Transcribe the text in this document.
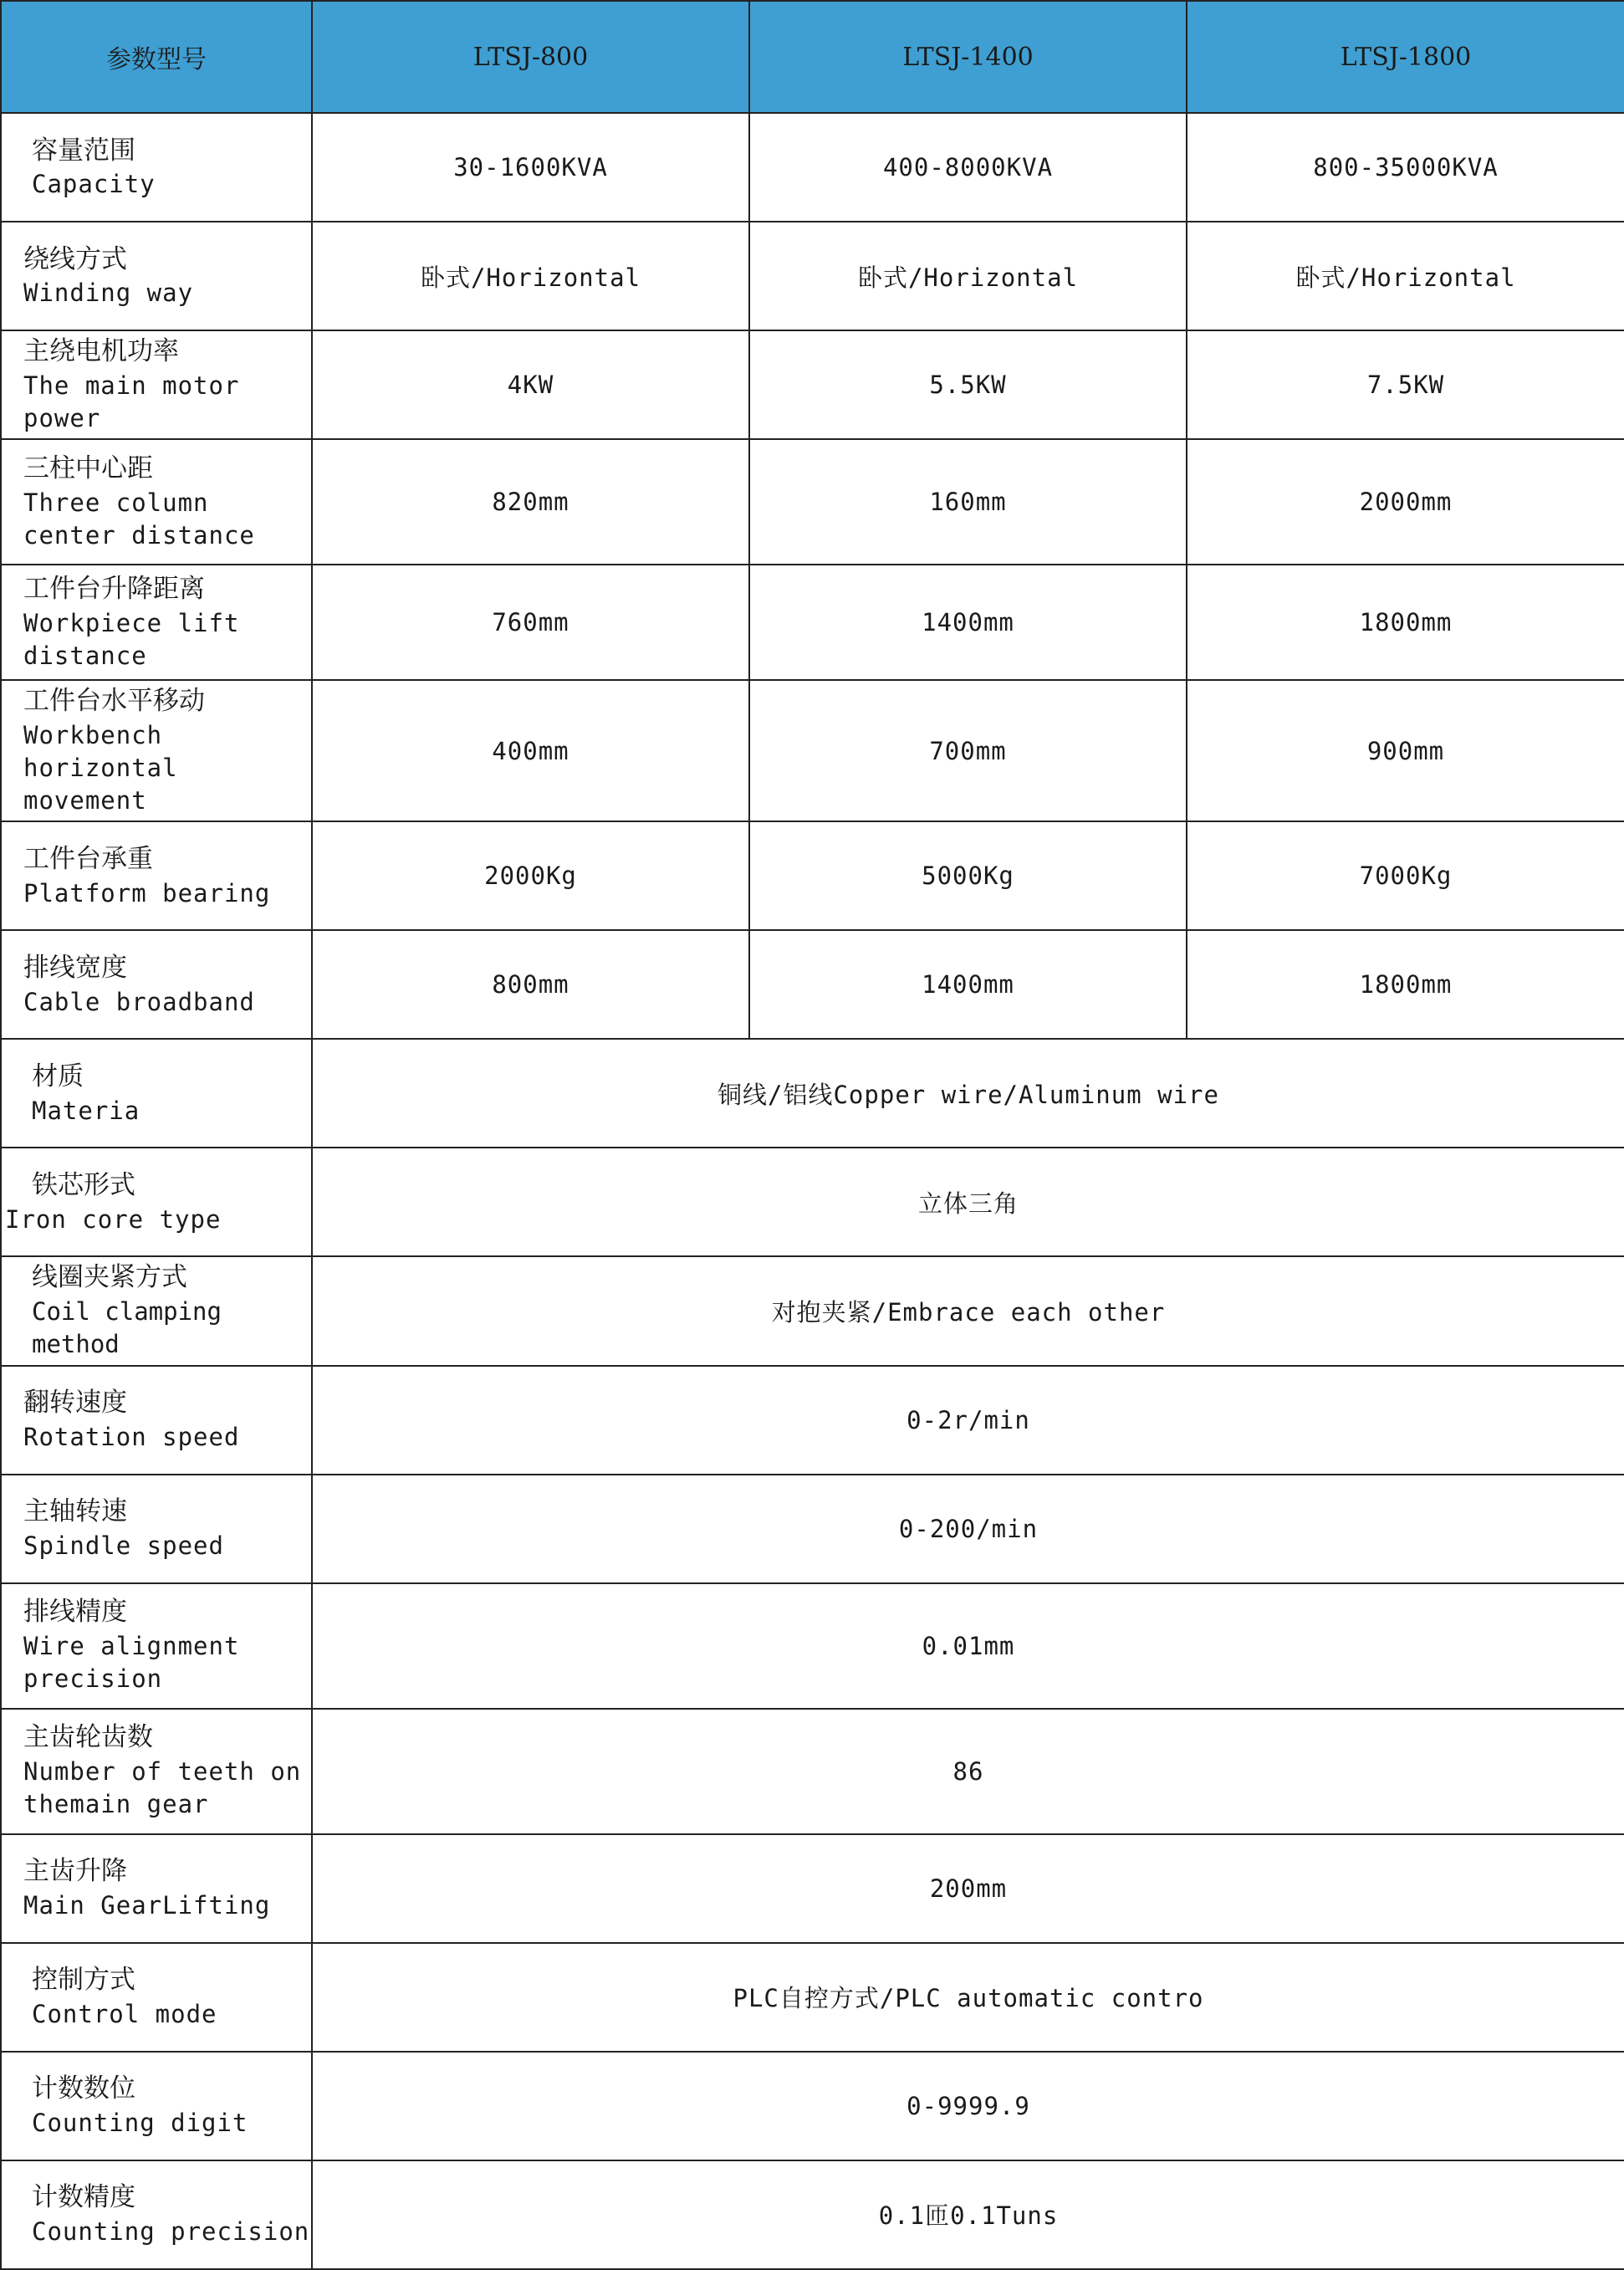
参数型号	LTSJ-800	LTSJ-1400	LTSJ-1800

容量范围
Capacity	30-1600KVA	400-8000KVA	800-35000KVA

绕线方式
Winding way	卧式/Horizontal	卧式/Horizontal	卧式/Horizontal

主绕电机功率
The main motor power	4KW	5.5KW	7.5KW

三柱中心距
Three column center distance	820mm	160mm	2000mm

工件台升降距离
Workpiece lift distance	760mm	1400mm	1800mm

工件台水平移动
Workbench horizontal movement	400mm	700mm	900mm

工件台承重
Platform bearing	2000Kg	5000Kg	7000Kg

排线宽度
Cable broadband	800mm	1400mm	1800mm

材质
Materia	铜线/铝线Copper wire/Aluminum wire		

铁芯形式
Iron core type	立体三角		

线圈夹紧方式
Coil clamping method	对抱夹紧/Embrace each other		

翻转速度
Rotation speed	0-2r/min		

主轴转速
Spindle speed	0-200/min		

排线精度
Wire alignment precision	0.01mm		

主齿轮齿数
Number of teeth on themain gear	86		

主齿升降
Main GearLifting	200mm		

控制方式
Control mode	PLC自控方式/PLC automatic contro		

计数数位
Counting digit	0-9999.9		

计数精度
Counting precision	0.1匝0.1Tuns		
